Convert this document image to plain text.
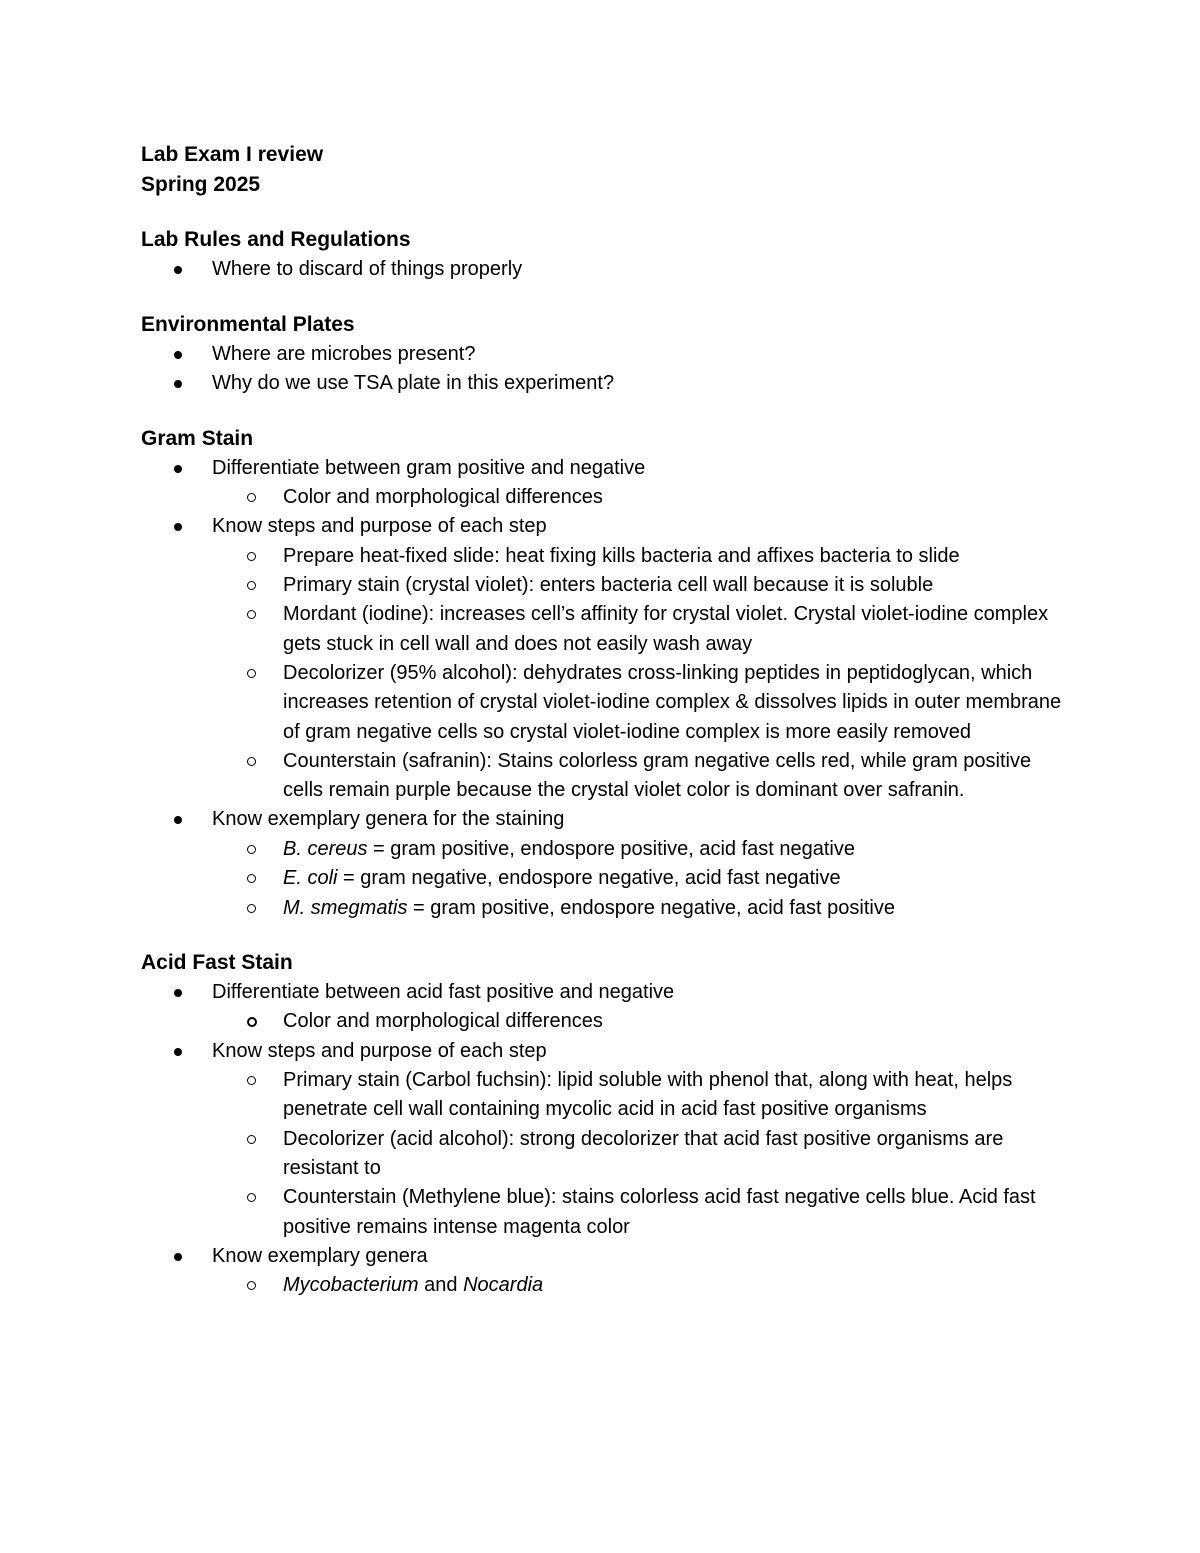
Lab Exam I review
Spring 2025
Lab Rules and Regulations
Where to discard of things properly
Environmental Plates
Where are microbes present?
Why do we use TSA plate in this experiment?
Gram Stain
Differentiate between gram positive and negative
Color and morphological differences
Know steps and purpose of each step
Prepare heat-fixed slide: heat fixing kills bacteria and affixes bacteria to slide
Primary stain (crystal violet): enters bacteria cell wall because it is soluble
Mordant (iodine): increases cell’s affinity for crystal violet. Crystal violet-iodine complex gets stuck in cell wall and does not easily wash away
Decolorizer (95% alcohol): dehydrates cross-linking peptides in peptidoglycan, which increases retention of crystal violet-iodine complex & dissolves lipids in outer membrane of gram negative cells so crystal violet-iodine complex is more easily removed
Counterstain (safranin): Stains colorless gram negative cells red, while gram positive cells remain purple because the crystal violet color is dominant over safranin.
Know exemplary genera for the staining
B. cereus = gram positive, endospore positive, acid fast negative
E. coli = gram negative, endospore negative, acid fast negative
M. smegmatis = gram positive, endospore negative, acid fast positive
Acid Fast Stain
Differentiate between acid fast positive and negative
Color and morphological differences
Know steps and purpose of each step
Primary stain (Carbol fuchsin): lipid soluble with phenol that, along with heat, helps penetrate cell wall containing mycolic acid in acid fast positive organisms
Decolorizer (acid alcohol): strong decolorizer that acid fast positive organisms are resistant to
Counterstain (Methylene blue): stains colorless acid fast negative cells blue. Acid fast positive remains intense magenta color
Know exemplary genera
Mycobacterium and Nocardia
